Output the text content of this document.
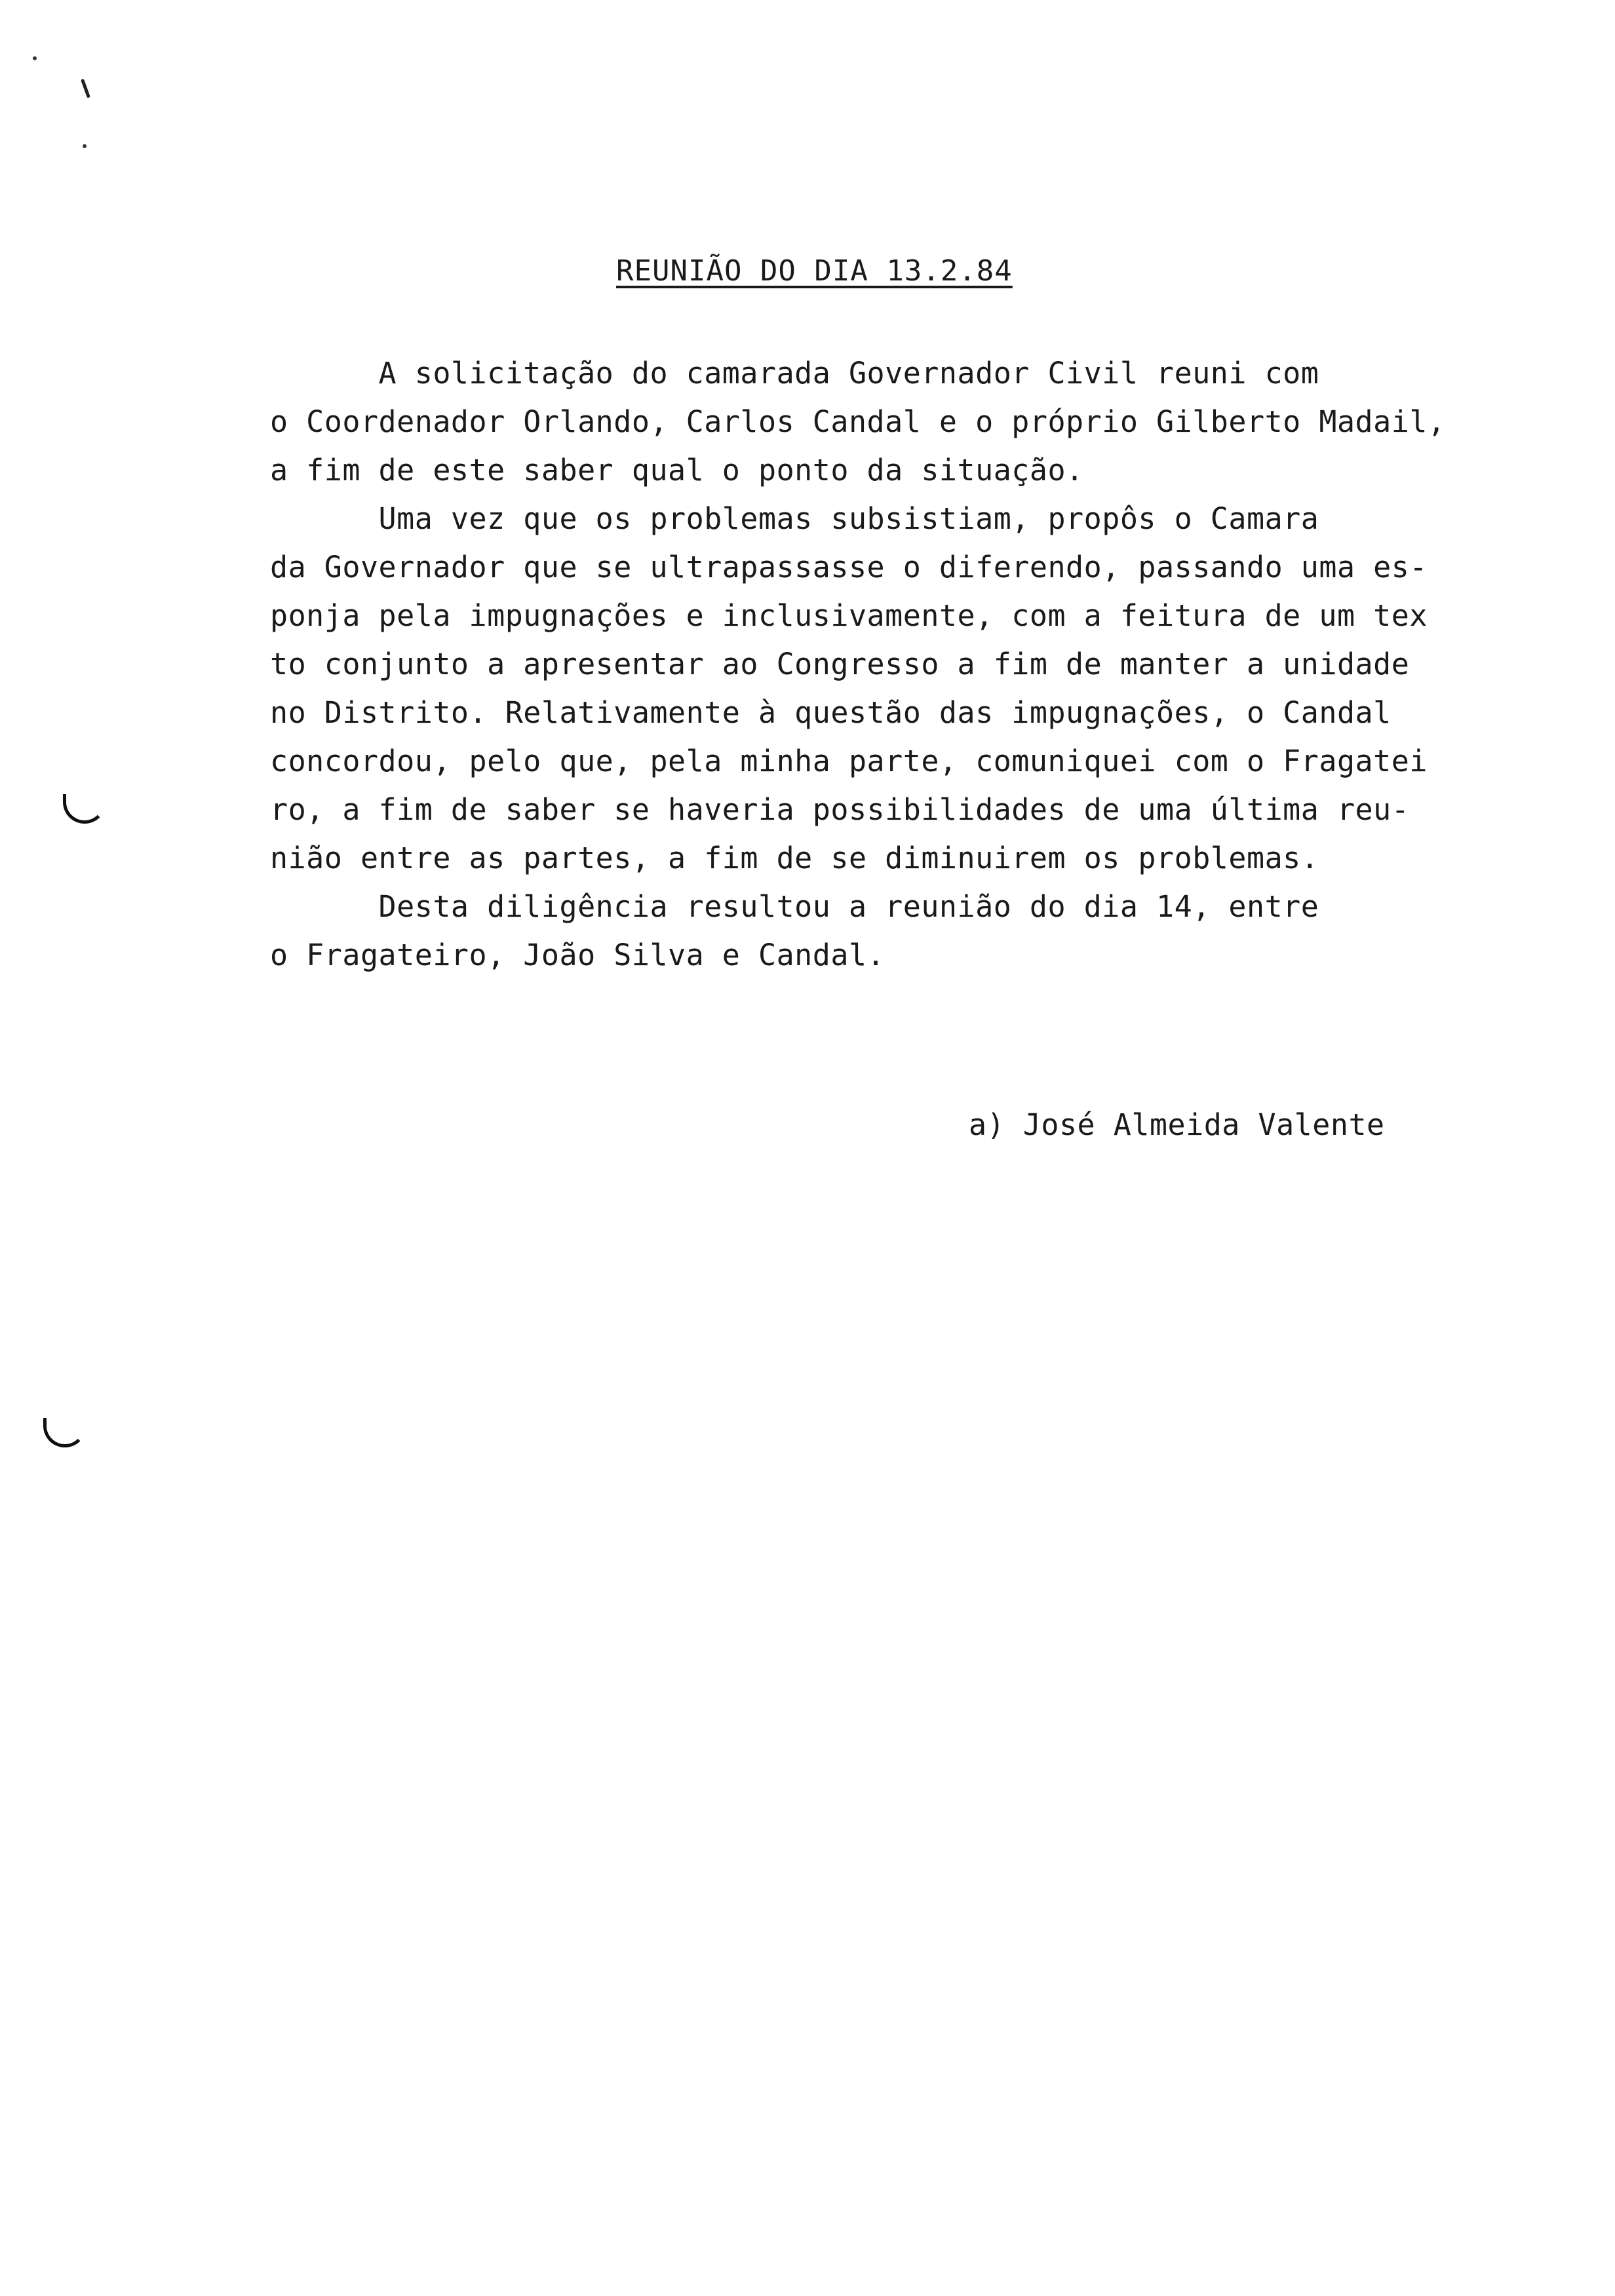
REUNIÃO DO DIA 13.2.84
A solicitação do camarada Governador Civil reuni com
o Coordenador Orlando, Carlos Candal e o próprio Gilberto Madail,
a fim de este saber qual o ponto da situação.
Uma vez que os problemas subsistiam, propôs o Camara
da Governador que se ultrapassasse o diferendo, passando uma es-
ponja pela impugnações e inclusivamente, com a feitura de um tex
to conjunto a apresentar ao Congresso a fim de manter a unidade
no Distrito. Relativamente à questão das impugnações, o Candal
concordou, pelo que, pela minha parte, comuniquei com o Fragatei
ro, a fim de saber se haveria possibilidades de uma última reu-
nião entre as partes, a fim de se diminuirem os problemas.
Desta diligência resultou a reunião do dia 14, entre
o Fragateiro, João Silva e Candal.
a) José Almeida Valente
